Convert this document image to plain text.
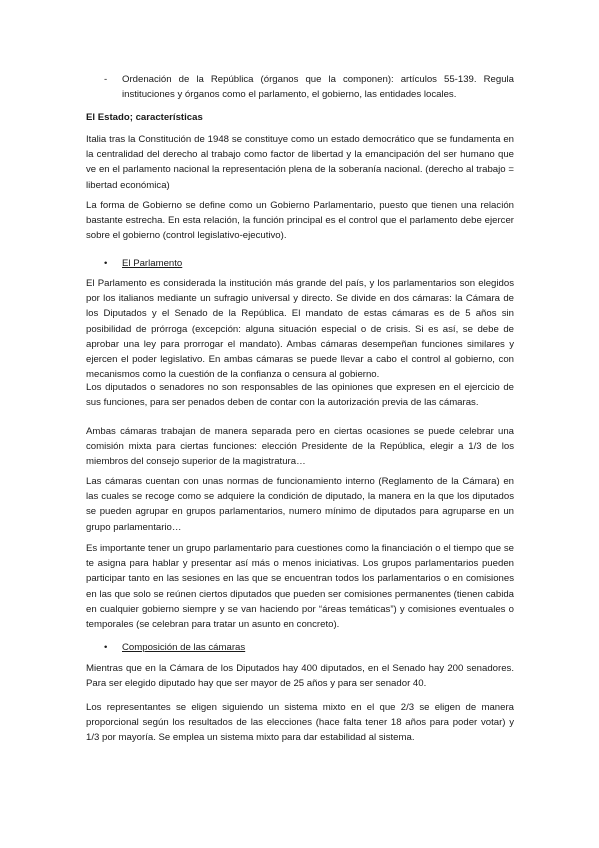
- Ordenación de la República (órganos que la componen): artículos 55-139. Regula instituciones y órganos como el parlamento, el gobierno, las entidades locales.
El Estado; características
Italia tras la Constitución de 1948 se constituye como un estado democrático que se fundamenta en la centralidad del derecho al trabajo como factor de libertad y la emancipación del ser humano que ve en el parlamento nacional la representación plena de la soberanía nacional. (derecho al trabajo = libertad económica)
La forma de Gobierno se define como un Gobierno Parlamentario, puesto que tienen una relación bastante estrecha. En esta relación, la función principal es el control que el parlamento debe ejercer sobre el gobierno (control legislativo-ejecutivo).
• El Parlamento
El Parlamento es considerada la institución más grande del país, y los parlamentarios son elegidos por los italianos mediante un sufragio universal y directo. Se divide en dos cámaras: la Cámara de los Diputados y el Senado de la República. El mandato de estas cámaras es de 5 años sin posibilidad de prórroga (excepción: alguna situación especial o de crisis. Si es así, se debe de aprobar una ley para prorrogar el mandato). Ambas cámaras desempeñan funciones similares y ejercen el poder legislativo. En ambas cámaras se puede llevar a cabo el control al gobierno, con mecanismos como la cuestión de la confianza o censura al gobierno.
Los diputados o senadores no son responsables de las opiniones que expresen en el ejercicio de sus funciones, para ser penados deben de contar con la autorización previa de las cámaras.
Ambas cámaras trabajan de manera separada pero en ciertas ocasiones se puede celebrar una comisión mixta para ciertas funciones: elección Presidente de la República, elegir a 1/3 de los miembros del consejo superior de la magistratura…
Las cámaras cuentan con unas normas de funcionamiento interno (Reglamento de la Cámara) en las cuales se recoge como se adquiere la condición de diputado, la manera en la que los diputados se pueden agrupar en grupos parlamentarios, numero mínimo de diputados para agruparse en un grupo parlamentario…
Es importante tener un grupo parlamentario para cuestiones como la financiación o el tiempo que se te asigna para hablar y presentar así más o menos iniciativas. Los grupos parlamentarios pueden participar tanto en las sesiones en las que se encuentran todos los parlamentarios o en comisiones en las que solo se reúnen ciertos diputados que pueden ser comisiones permanentes (tienen cabida en cualquier gobierno siempre y se van haciendo por “áreas temáticas”) y comisiones eventuales o temporales (se celebran para tratar un asunto en concreto).
• Composición de las cámaras
Mientras que en la Cámara de los Diputados hay 400 diputados, en el Senado hay 200 senadores. Para ser elegido diputado hay que ser mayor de 25 años y para ser senador 40.
Los representantes se eligen siguiendo un sistema mixto en el que 2/3 se eligen de manera proporcional según los resultados de las elecciones (hace falta tener 18 años para poder votar) y 1/3 por mayoría. Se emplea un sistema mixto para dar estabilidad al sistema.
